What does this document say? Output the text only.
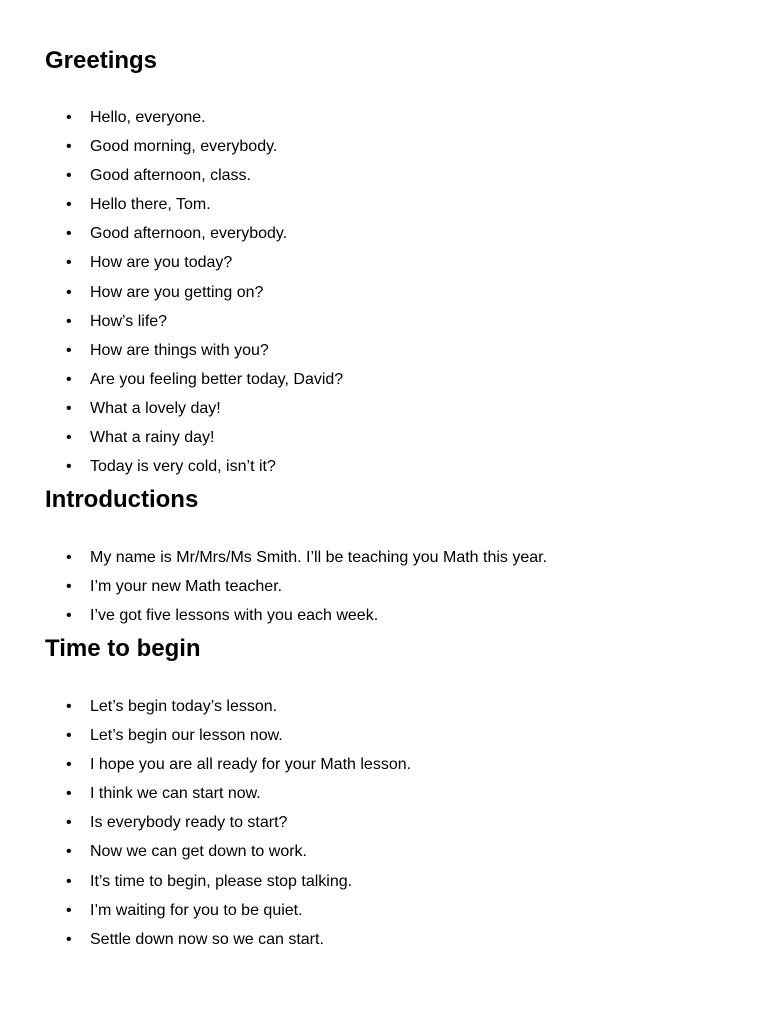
Greetings
• Hello, everyone.
• Good morning, everybody.
• Good afternoon, class.
• Hello there, Tom.
• Good afternoon, everybody.
• How are you today?
• How are you getting on?
• How’s life?
• How are things with you?
• Are you feeling better today, David?
• What a lovely day!
• What a rainy day!
• Today is very cold, isn’t it?
Introductions
• My name is Mr/Mrs/Ms Smith. I’ll be teaching you Math this year.
• I’m your new Math teacher.
• I’ve got five lessons with you each week.
Time to begin
• Let’s begin today’s lesson.
• Let’s begin our lesson now.
• I hope you are all ready for your Math lesson.
• I think we can start now.
• Is everybody ready to start?
• Now we can get down to work.
• It’s time to begin, please stop talking.
• I’m waiting for you to be quiet.
• Settle down now so we can start.
